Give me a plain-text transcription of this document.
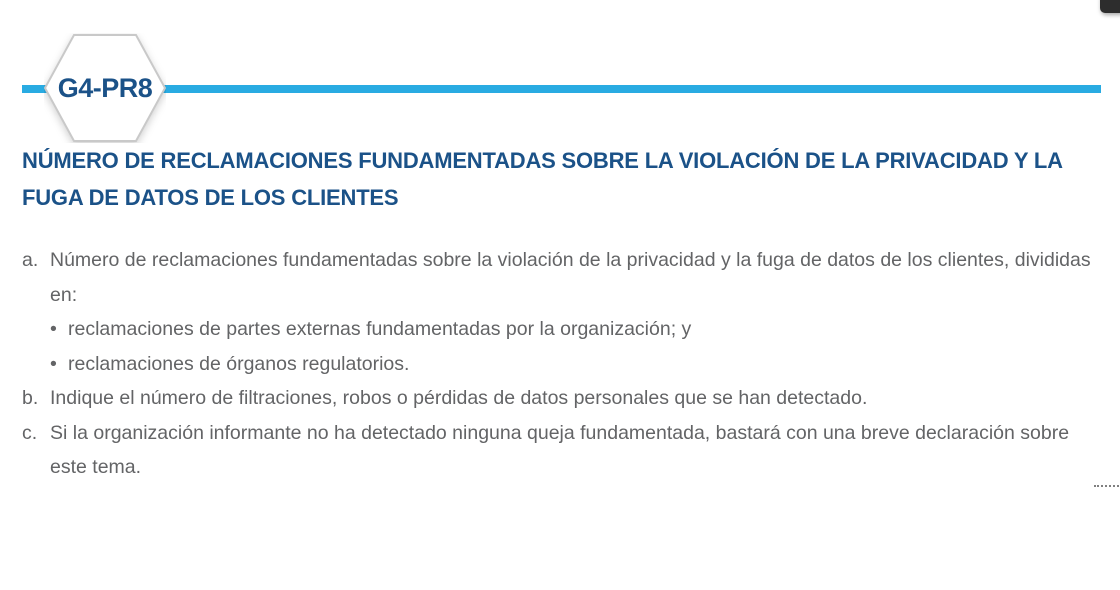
G4-PR8
NÚMERO DE RECLAMACIONES FUNDAMENTADAS SOBRE LA VIOLACIÓN DE LA PRIVACIDAD Y LA FUGA DE DATOS DE LOS CLIENTES
a. Número de reclamaciones fundamentadas sobre la violación de la privacidad y la fuga de datos de los clientes, divididas en:
• reclamaciones de partes externas fundamentadas por la organización; y
• reclamaciones de órganos regulatorios.
b. Indique el número de filtraciones, robos o pérdidas de datos personales que se han detectado.
c. Si la organización informante no ha detectado ninguna queja fundamentada, bastará con una breve declaración sobre este tema.
